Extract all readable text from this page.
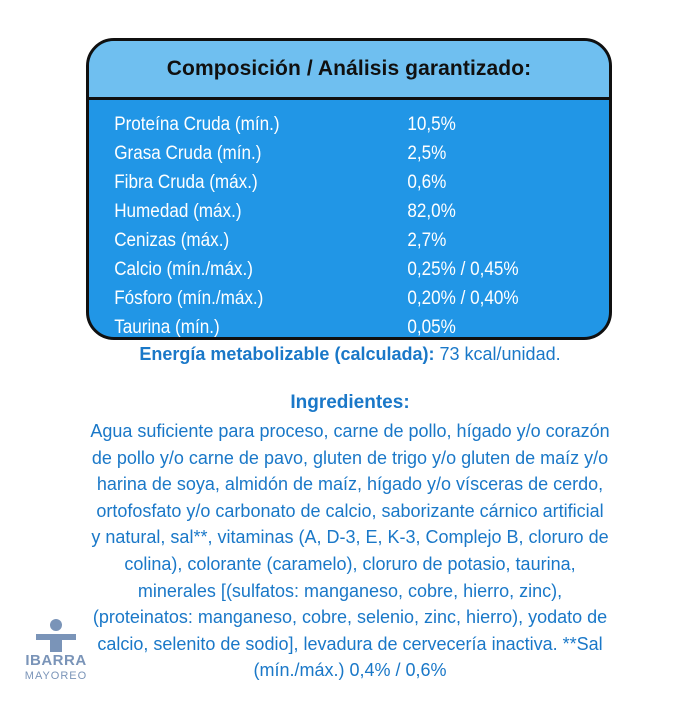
Composición / Análisis garantizado:
Proteína Cruda (mín.)	10,5%
Grasa Cruda (mín.)	2,5%
Fibra Cruda (máx.)	0,6%
Humedad (máx.)	82,0%
Cenizas (máx.)	2,7%
Calcio (mín./máx.)	0,25% / 0,45%
Fósforo (mín./máx.)	0,20% / 0,40%
Taurina (mín.)	0,05%
Energía metabolizable (calculada): 73 kcal/unidad.
Ingredientes:
Agua suficiente para proceso, carne de pollo, hígado y/o corazón
de pollo y/o carne de pavo, gluten de trigo y/o gluten de maíz y/o
harina de soya, almidón de maíz, hígado y/o vísceras de cerdo,
ortofosfato y/o carbonato de calcio, saborizante cárnico artificial
y natural, sal**, vitaminas (A, D-3, E, K-3, Complejo B, cloruro de
colina), colorante (caramelo), cloruro de potasio, taurina,
minerales [(sulfatos: manganeso, cobre, hierro, zinc),
(proteinatos: manganeso, cobre, selenio, zinc, hierro), yodato de
calcio, selenito de sodio], levadura de cervecería inactiva. **Sal
(mín./máx.) 0,4% / 0,6%
IBARRA
MAYOREO
